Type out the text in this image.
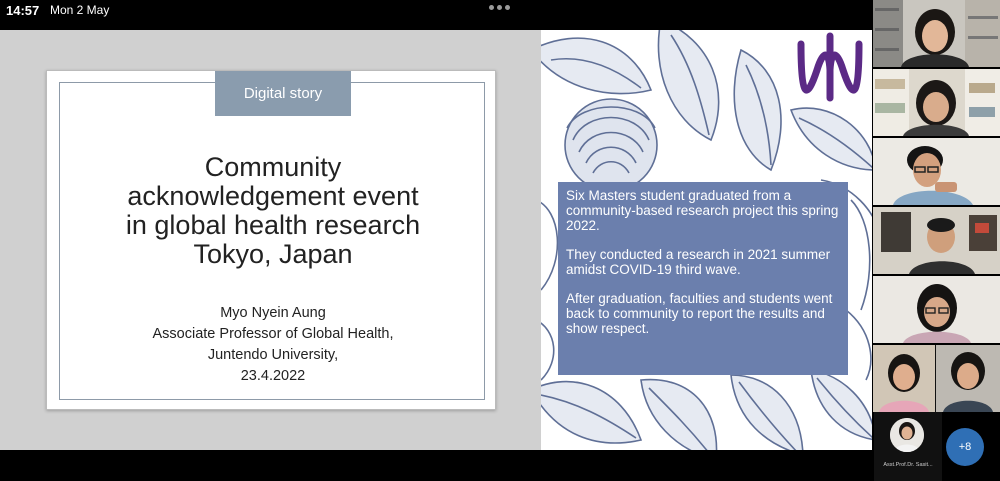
14:57 Mon 2 May
Digital story
Community
acknowledgement event
in global health research
Tokyo, Japan
Myo Nyein Aung
Associate Professor of Global Health,
Juntendo University,
23.4.2022

Six Masters student graduated from a community-based research project this spring 2022.

They conducted a research in 2021 summer amidst COVID-19 third wave.

After graduation, faculties and students went back to community to report the results and show respect.

Asst.Prof.Dr. Sasit...
+8
